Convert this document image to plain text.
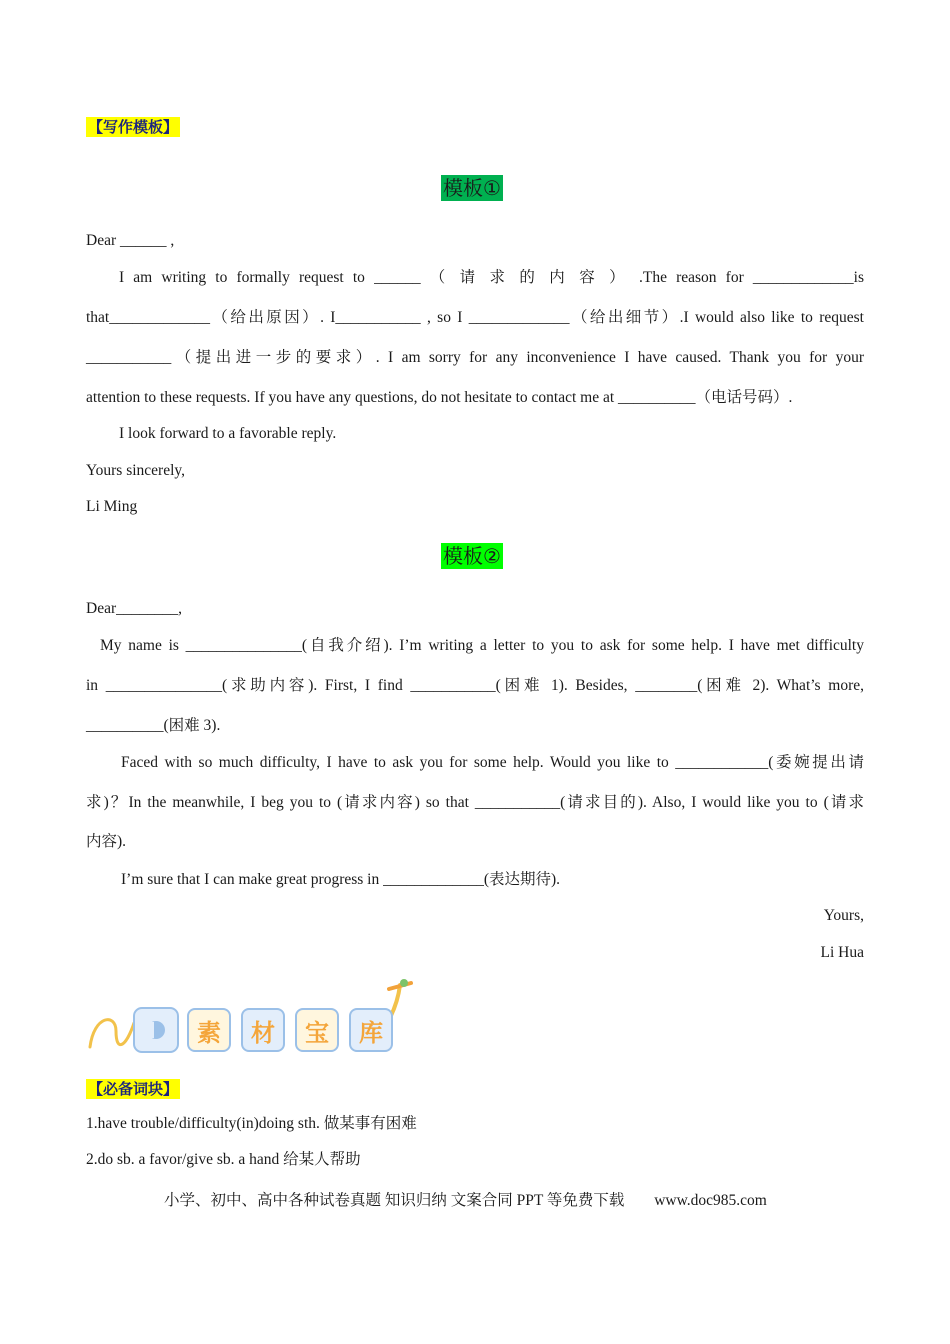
【写作模板】
模板①
Dear ______ ,
I am writing to formally request to ______ （ 请 求 的 内 容 ） .The reason for _____________is
that_____________（给出原因）. I___________ , so I _____________（给出细节）.I would also like to request
___________（提出进一步的要求）. I am sorry for any inconvenience I have caused. Thank you for your
attention to these requests. If you have any questions, do not hesitate to contact me at __________（电话号码）.
I look forward to a favorable reply.
Yours sincerely,
Li Ming
模板②
Dear________,
My name is _______________(自我介绍). I’m writing a letter to you to ask for some help. I have met difficulty
in _______________(求助内容). First, I find ___________(困难 1). Besides, ________(困难 2). What’s more,
__________(困难 3).
Faced with so much difficulty, I have to ask you for some help. Would you like to ____________(委婉提出请
求)？In the meanwhile, I beg you to (请求内容) so that ___________(请求目的). Also, I would like you to (请求
内容).
I’m sure that I can make great progress in _____________(表达期待).
Yours,
Li Hua
素	材	宝	库
【必备词块】
1.have trouble/difficulty(in)doing sth. 做某事有困难
2.do sb. a favor/give sb. a hand 给某人帮助
小学、初中、高中各种试卷真题 知识归纳 文案合同 PPT 等免费下载 www.doc985.com
